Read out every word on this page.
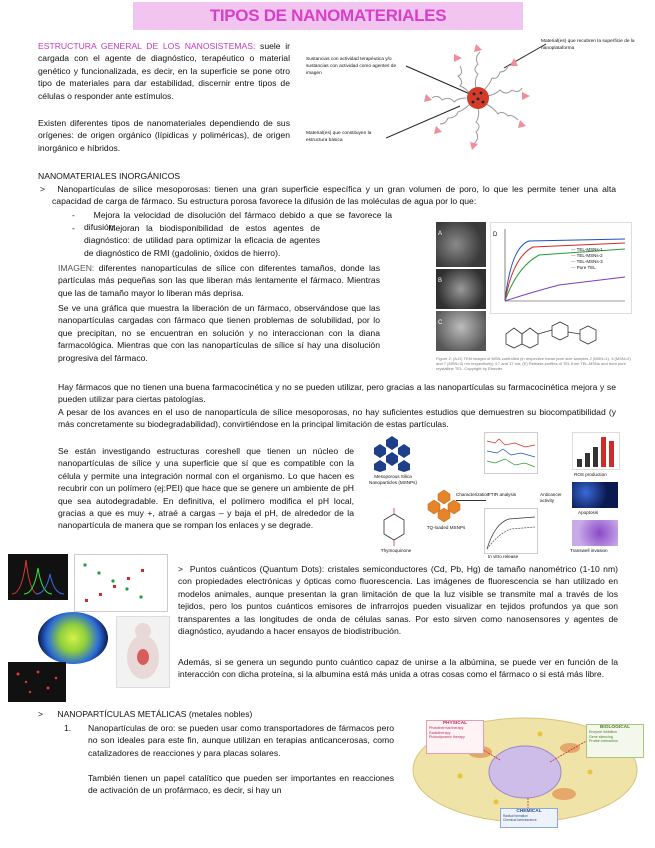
TIPOS DE NANOMATERIALES
ESTRUCTURA GENERAL DE LOS NANOSISTEMAS: suele ir cargada con el agente de diagnóstico, terapéutico o material genético y funcionalizada, es decir, en la superficie se pone otro tipo de materiales para dar estabilidad, discernir entre tipos de células o responder ante estímulos.
Existen diferentes tipos de nanomateriales dependiendo de sus orígenes: de origen orgánico (lípidicas y poliméricas), de origen inorgánico e híbridos.
Sustancias con actividad terapéutica y/o sustancias con actividad como agentes de imagen
Material(es) que recubren la superficie de la nanoplataforma
Material(es) que constituyen la estructura básica
NANOMATERIALES INORGÁNICOS
> Nanopartículas de sílice mesoporosas: tienen una gran superficie específica y un gran volumen de poro, lo que les permite tener una alta capacidad de carga de fármaco. Su estructura porosa favorece la difusión de las moléculas de agua por lo que:
- Mejora la velocidad de disolución del fármaco debido a que se favorece la difusión.
-	Mejoran la biodisponibilidad de estos agentes de diagnóstico: de utilidad para optimizar la eficacia de agentes de diagnóstico de RMI (gadolinio, óxidos de hierro).
IMAGEN: diferentes nanopartículas de sílice con diferentes tamaños, donde las partículas más pequeñas son las que liberan más lentamente el fármaco. Mientras que las de tamaño mayor lo liberan más deprisa.
Se ve una gráfica que muestra la liberación de un fármaco, observándose que las nanopartículas cargadas con fármaco que tienen problemas de solubilidad, por lo que precipitan, no se encuentran en solución y no interaccionan con la diana farmacológica. Mientras que con las nanopartículas de sílice sí hay una disolución progresiva del fármaco.
A
B
C
D
— TEL-MSNs-1
— TEL-MSNs-2
— TEL-MSNs-3
— Pure TEL
Figure 2: (A-D) TEM images of MSN-controlled (in respective mean pore size samples 2 (MSN=1), 3 (MSN=2) and 7 (MSN=3) nm respectively) 4.7 and 17 nm; (E) Release profiles of TEL from TEL-MSNs and from pure crystalline TEL. Copyright by Elsevier.
Hay fármacos que no tienen una buena farmacocinética y no se pueden utilizar, pero gracias a las nanopartículas su farmacocinética mejora y se pueden utilizar para ciertas patologías.
A pesar de los avances en el uso de nanopartícula de sílice mesoporosas, no hay suficientes estudios que demuestren su biocompatibilidad (y más concretamente su biodegradabilidad), convirtiéndose en la principal limitación de estas partículas.
Se están investigando estructuras coreshell que tienen un núcleo de nanopartículas de sílice y una superficie que sí que es compatible con la célula y permite una integración normal con el organismo. Lo que hacen es recubrir con un polímero (ej:PEI) que hace que se genere un ambiente de pH que sea autodegradable. En definitiva, el polímero modifica el pH local, gracias a que es muy +, atraé a cargas – y baja el pH, de alrededor de la nanopartícula de manera que se rompan los enlaces y se degrade.
Mesoporous Silica Nanoparticles (MSNPs)
TQ-loaded MSNPs
Thymoquinone
Characterization
FTIR analysis
In vitro release
Anticancer activity
ROS production
Apoptosis
Transwell invasion
> Puntos cuánticos (Quantum Dots): cristales semiconductores (Cd, Pb, Hg) de tamaño nanométrico (1-10 nm) con propiedades electrónicas y ópticas como fluorescencia. Las imágenes de fluorescencia se han utilizado en modelos animales, aunque presentan la gran limitación de que la luz visible se transmite mal a través de los tejidos, pero los puntos cuánticos emisores de infrarrojos pueden visualizar en tejidos profundos ya que son transparentes a las longitudes de onda de células sanas. Por esto sirven como nanosensores y agentes de diagnóstico, ayudando a hacer ensayos de biodistribución.
Además, si se genera un segundo punto cuántico capaz de unirse a la albúmina, se puede ver en función de la interacción con dicha proteína, si la albumina está más unida a otras cosas como el fármaco o si está más libre.
> NANOPARTÍCULAS METÁLICAS (metales nobles)
1. Nanopartículas de oro: se pueden usar como transportadores de fármacos pero no son ideales para este fin, aunque utilizan en terapias anticancerosas, como catalizadores de reacciones y para placas solares.
También tienen un papel catalítico que pueden ser importantes en reacciones de activación de un profármaco, es decir, si hay un
PHYSICAL
Photothermal therapy
Radiotherapy
Photodynamic therapy
BIOLOGICAL
Enzyme inhibition
Gene silencing
Protein interaction
CHEMICAL
Radical formation
Chemical luminescence
